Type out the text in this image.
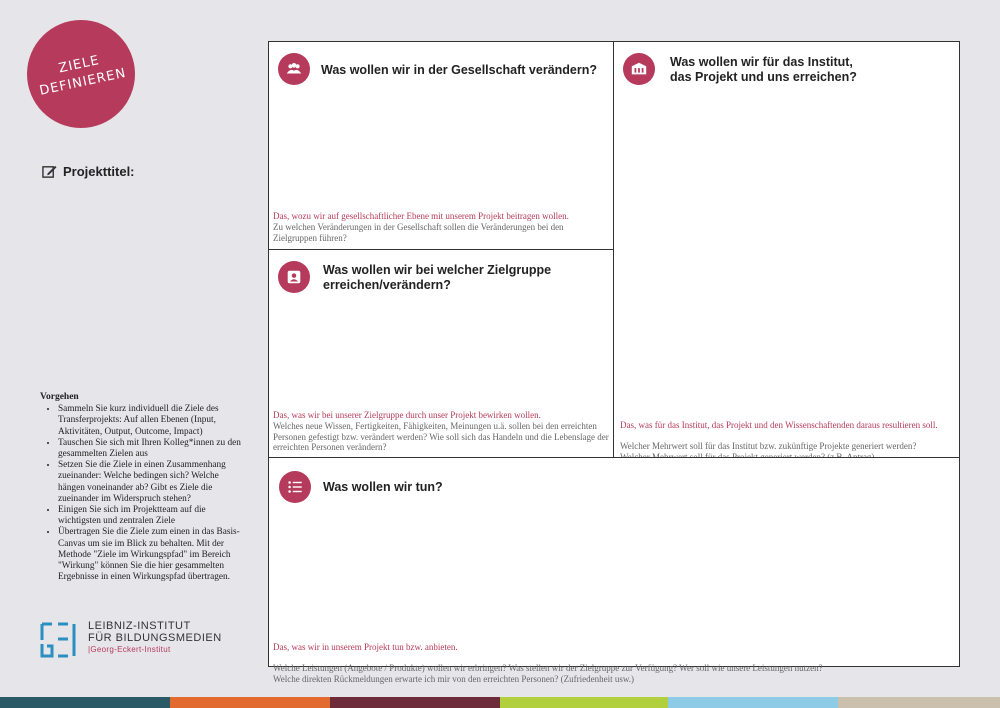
ZIELE
DEFINIEREN
Projekttitel:
Vorgehen
• Sammeln Sie kurz individuell die Ziele des Transferprojekts: Auf allen Ebenen (Input, Aktivitäten, Output, Outcome, Impact)
• Tauschen Sie sich mit Ihren Kolleg*innen zu den gesammelten Zielen aus
• Setzen Sie die Ziele in einen Zusammenhang zueinander: Welche bedingen sich? Welche hängen voneinander ab? Gibt es Ziele die zueinander im Widerspruch stehen?
• Einigen Sie sich im Projektteam auf die wichtigsten und zentralen Ziele
• Übertragen Sie die Ziele zum einen in das Basis-Canvas um sie im Blick zu behalten. Mit der Methode "Ziele im Wirkungspfad" im Bereich "Wirkung" können Sie die hier gesammelten Ergebnisse in einen Wirkungspfad übertragen.
LEIBNIZ-INSTITUT
FÜR BILDUNGSMEDIEN
|Georg-Eckert-Institut
Was wollen wir in der Gesellschaft verändern?
Das, wozu wir auf gesellschaftlicher Ebene mit unserem Projekt beitragen wollen.
Zu welchen Veränderungen in der Gesellschaft sollen die Veränderungen bei den Zielgruppen führen?
Was wollen wir für das Institut,
das Projekt und uns erreichen?

Das, was für das Institut, das Projekt und den Wissenschaftenden daraus resultieren soll.

Welcher Mehrwert soll für das Institut bzw. zukünftige Projekte generiert werden?

Was wollen wir bei welcher Zielgruppe
erreichen/verändern?
Das, was wir bei unserer Zielgruppe durch unser Projekt bewirken wollen.
Welches neue Wissen, Fertigkeiten, Fähigkeiten, Meinungen u.ä. sollen bei den erreichten Personen gefestigt bzw. verändert werden? Wie soll sich das Handeln und die Lebenslage der erreichten Personen verändern?
Was wollen wir tun?

Das, was wir in unserem Projekt tun bzw. anbieten.

Welche Leistungen (Angebote / Produkte) wollen wir erbringen? Was stellen wir der Zielgruppe zur Verfügung? Wer soll wie unsere Leistungen nutzen?
Welche direkten Rückmeldungen erwarte ich mir von den erreichten Personen? (Zufriedenheit usw.)
